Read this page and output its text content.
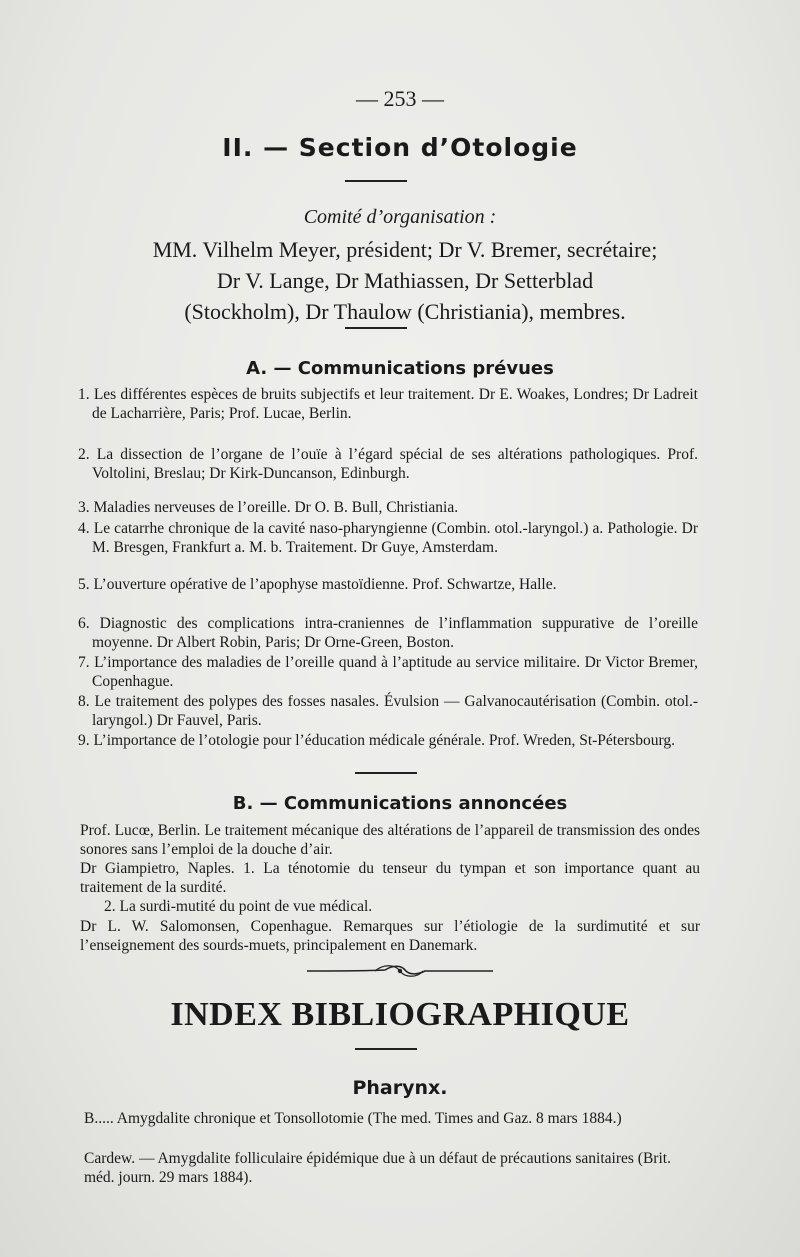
— 253 —
II. — Section d’Otologie
Comité d’organisation :
MM. Vilhelm Meyer, président; Dr V. Bremer, secrétaire;
Dr V. Lange, Dr Mathiassen, Dr Setterblad
(Stockholm), Dr Thaulow (Christiania), membres.
A. — Communications prévues
1. Les différentes espèces de bruits subjectifs et leur traitement. Dr E. Woakes, Londres; Dr Ladreit de Lacharrière, Paris; Prof. Lucae, Berlin.
2. La dissection de l’organe de l’ouïe à l’égard spécial de ses altérations pathologiques. Prof. Voltolini, Breslau; Dr Kirk-Duncanson, Edinburgh.
3. Maladies nerveuses de l’oreille. Dr O. B. Bull, Christiania.
4. Le catarrhe chronique de la cavité naso-pharyngienne (Combin. otol.-laryngol.) a. Pathologie. Dr M. Bresgen, Frankfurt a. M. b. Traitement. Dr Guye, Amsterdam.
5. L’ouverture opérative de l’apophyse mastoïdienne. Prof. Schwartze, Halle.
6. Diagnostic des complications intra-craniennes de l’inflammation suppurative de l’oreille moyenne. Dr Albert Robin, Paris; Dr Orne-Green, Boston.
7. L’importance des maladies de l’oreille quand à l’aptitude au service militaire. Dr Victor Bremer, Copenhague.
8. Le traitement des polypes des fosses nasales. Évulsion — Galvanocautérisation (Combin. otol.-laryngol.) Dr Fauvel, Paris.
9. L’importance de l’otologie pour l’éducation médicale générale. Prof. Wreden, St-Pétersbourg.
B. — Communications annoncées
Prof. Lucœ, Berlin. Le traitement mécanique des altérations de l’appareil de transmission des ondes sonores sans l’emploi de la douche d’air.
Dr Giampietro, Naples. 1. La ténotomie du tenseur du tympan et son importance quant au traitement de la surdité.
2. La surdi-mutité du point de vue médical.
Dr L. W. Salomonsen, Copenhague. Remarques sur l’étiologie de la surdimutité et sur l’enseignement des sourds-muets, principalement en Danemark.
INDEX BIBLIOGRAPHIQUE
Pharynx.
B..... Amygdalite chronique et Tonsollotomie (The med. Times and Gaz. 8 mars 1884.)
Cardew. — Amygdalite folliculaire épidémique due à un défaut de précautions sanitaires (Brit. méd. journ. 29 mars 1884).
